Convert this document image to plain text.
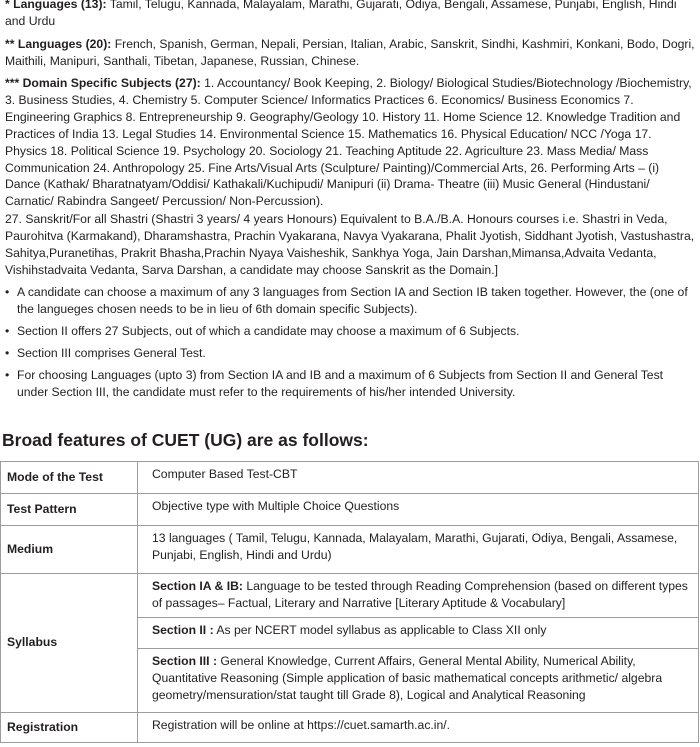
* Languages (13): Tamil, Telugu, Kannada, Malayalam, Marathi, Gujarati, Odiya, Bengali, Assamese, Punjabi, English, Hindi and Urdu

** Languages (20): French, Spanish, German, Nepali, Persian, Italian, Arabic, Sanskrit, Sindhi, Kashmiri, Konkani, Bodo, Dogri, Maithili, Manipuri, Santhali, Tibetan, Japanese, Russian, Chinese.

*** Domain Specific Subjects (27): 1. Accountancy/ Book Keeping, 2. Biology/ Biological Studies/Biotechnology /Biochemistry, 3. Business Studies, 4. Chemistry 5. Computer Science/ Informatics Practices 6. Economics/ Business Economics 7. Engineering Graphics 8. Entrepreneurship 9. Geography/Geology 10. History 11. Home Science 12. Knowledge Tradition and Practices of India 13. Legal Studies 14. Environmental Science 15. Mathematics 16. Physical Education/ NCC /Yoga 17. Physics 18. Political Science 19. Psychology 20. Sociology 21. Teaching Aptitude 22. Agriculture 23. Mass Media/ Mass Communication 24. Anthropology 25. Fine Arts/Visual Arts (Sculpture/ Painting)/Commercial Arts, 26. Performing Arts – (i) Dance (Kathak/ Bharatnatyam/Oddisi/ Kathakali/Kuchipudi/ Manipuri (ii) Drama- Theatre (iii) Music General (Hindustani/ Carnatic/ Rabindra Sangeet/ Percussion/ Non-Percussion).

27. Sanskrit/For all Shastri (Shastri 3 years/ 4 years Honours) Equivalent to B.A./B.A. Honours courses i.e. Shastri in Veda, Paurohitva (Karmakand), Dharamshastra, Prachin Vyakarana, Navya Vyakarana, Phalit Jyotish, Siddhant Jyotish, Vastushastra, Sahitya,Puranetihas, Prakrit Bhasha,Prachin Nyaya Vaisheshik, Sankhya Yoga, Jain Darshan,Mimansa,Advaita Vedanta, Vishihstadvaita Vedanta, Sarva Darshan, a candidate may choose Sanskrit as the Domain.]

• A candidate can choose a maximum of any 3 languages from Section IA and Section IB taken together. However, the (one of the langueges chosen needs to be in lieu of 6th domain specific Subjects).
• Section II offers 27 Subjects, out of which a candidate may choose a maximum of 6 Subjects.
• Section III comprises General Test.
• For choosing Languages (upto 3) from Section IA and IB and a maximum of 6 Subjects from Section II and General Test under Section III, the candidate must refer to the requirements of his/her intended University.
Broad features of CUET (UG) are as follows:
Mode of the Test	Computer Based Test-CBT
Test Pattern	Objective type with Multiple Choice Questions
Medium	13 languages ( Tamil, Telugu, Kannada, Malayalam, Marathi, Gujarati, Odiya, Bengali, Assamese, Punjabi, English, Hindi and Urdu)
Syllabus	Section IA & IB: Language to be tested through Reading Comprehension (based on different types of passages– Factual, Literary and Narrative [Literary Aptitude & Vocabulary]
	Section II : As per NCERT model syllabus as applicable to Class XII only
	Section III : General Knowledge, Current Affairs, General Mental Ability, Numerical Ability, Quantitative Reasoning (Simple application of basic mathematical concepts arithmetic/ algebra geometry/mensuration/stat taught till Grade 8), Logical and Analytical Reasoning
Registration	Registration will be online at https://cuet.samarth.ac.in/.
